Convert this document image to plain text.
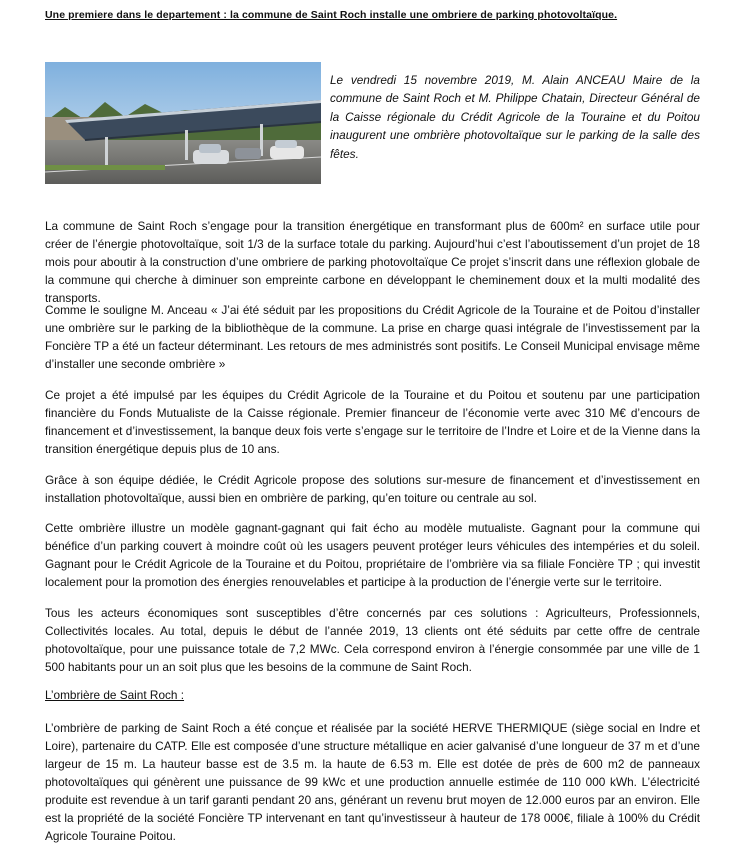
Une premiere dans le departement : la commune de Saint Roch installe une ombriere de parking photovoltaïque.
Le vendredi 15 novembre 2019, M. Alain ANCEAU Maire de la commune de Saint Roch et M. Philippe Chatain, Directeur Général de la Caisse régionale du Crédit Agricole de la Touraine et du Poitou inaugurent une ombrière photovoltaïque sur le parking de la salle des fêtes.

La commune de Saint Roch s’engage pour la transition énergétique en transformant plus de 600m² en surface utile pour créer de l’énergie photovoltaïque, soit 1/3 de la surface totale du parking. Aujourd’hui c’est l’aboutissement d’un projet de 18 mois pour aboutir à la construction d’une ombriere de parking photovoltaïque Ce projet s’inscrit dans une réflexion globale de la commune qui cherche à diminuer son empreinte carbone en développant le cheminement doux et la multi modalité des transports.

Comme le souligne M. Anceau « J’ai été séduit par les propositions du Crédit Agricole de la Touraine et de Poitou d’installer une ombrière sur le parking de la bibliothèque de la commune. La prise en charge quasi intégrale de l’investissement par la Foncière TP a été un facteur déterminant. Les retours de mes administrés sont positifs. Le Conseil Municipal envisage même d’installer une seconde ombrière »

Ce projet a été impulsé par les équipes du Crédit Agricole de la Touraine et du Poitou et soutenu par une participation financière du Fonds Mutualiste de la Caisse régionale. Premier financeur de l’économie verte avec 310 M€ d’encours de financement et d’investissement, la banque deux fois verte s’engage sur le territoire de l’Indre et Loire et de la Vienne dans la transition énergétique depuis plus de 10 ans.

Grâce à son équipe dédiée, le Crédit Agricole propose des solutions sur-mesure de financement et d’investissement en installation photovoltaïque, aussi bien en ombrière de parking, qu’en toiture ou centrale au sol.

Cette ombrière illustre un modèle gagnant-gagnant qui fait écho au modèle mutualiste. Gagnant pour la commune qui bénéfice d’un parking couvert à moindre coût où les usagers peuvent protéger leurs véhicules des intempéries et du soleil. Gagnant pour le Crédit Agricole de la Touraine et du Poitou, propriétaire de l’ombrière via sa filiale Foncière TP ; qui investit localement pour la promotion des énergies renouvelables et participe à la production de l’énergie verte sur le territoire.

Tous les acteurs économiques sont susceptibles d’être concernés par ces solutions : Agriculteurs, Professionnels, Collectivités locales. Au total, depuis le début de l’année 2019, 13 clients ont été séduits par cette offre de centrale photovoltaïque, pour une puissance totale de 7,2 MWc. Cela correspond environ à l’énergie consommée par une ville de 1 500 habitants pour un an soit plus que les besoins de la commune de Saint Roch.

L’ombrière de Saint Roch :

L’ombrière de parking de Saint Roch a été conçue et réalisée par la société HERVE THERMIQUE (siège social en Indre et Loire), partenaire du CATP. Elle est composée d’une structure métallique en acier galvanisé d’une longueur de 37 m et d’une largeur de 15 m. La hauteur basse est de 3.5 m. la haute de 6.53 m. Elle est dotée de près de 600 m2 de panneaux photovoltaïques qui génèrent une puissance de 99 kWc et une production annuelle estimée de 110 000 kWh. L’électricité produite est revendue à un tarif garanti pendant 20 ans, générant un revenu brut moyen de 12.000 euros par an environ. Elle est la propriété de la société Foncière TP intervenant en tant qu’investisseur à hauteur de 178 000€, filiale à 100% du Crédit Agricole Touraine Poitou.
